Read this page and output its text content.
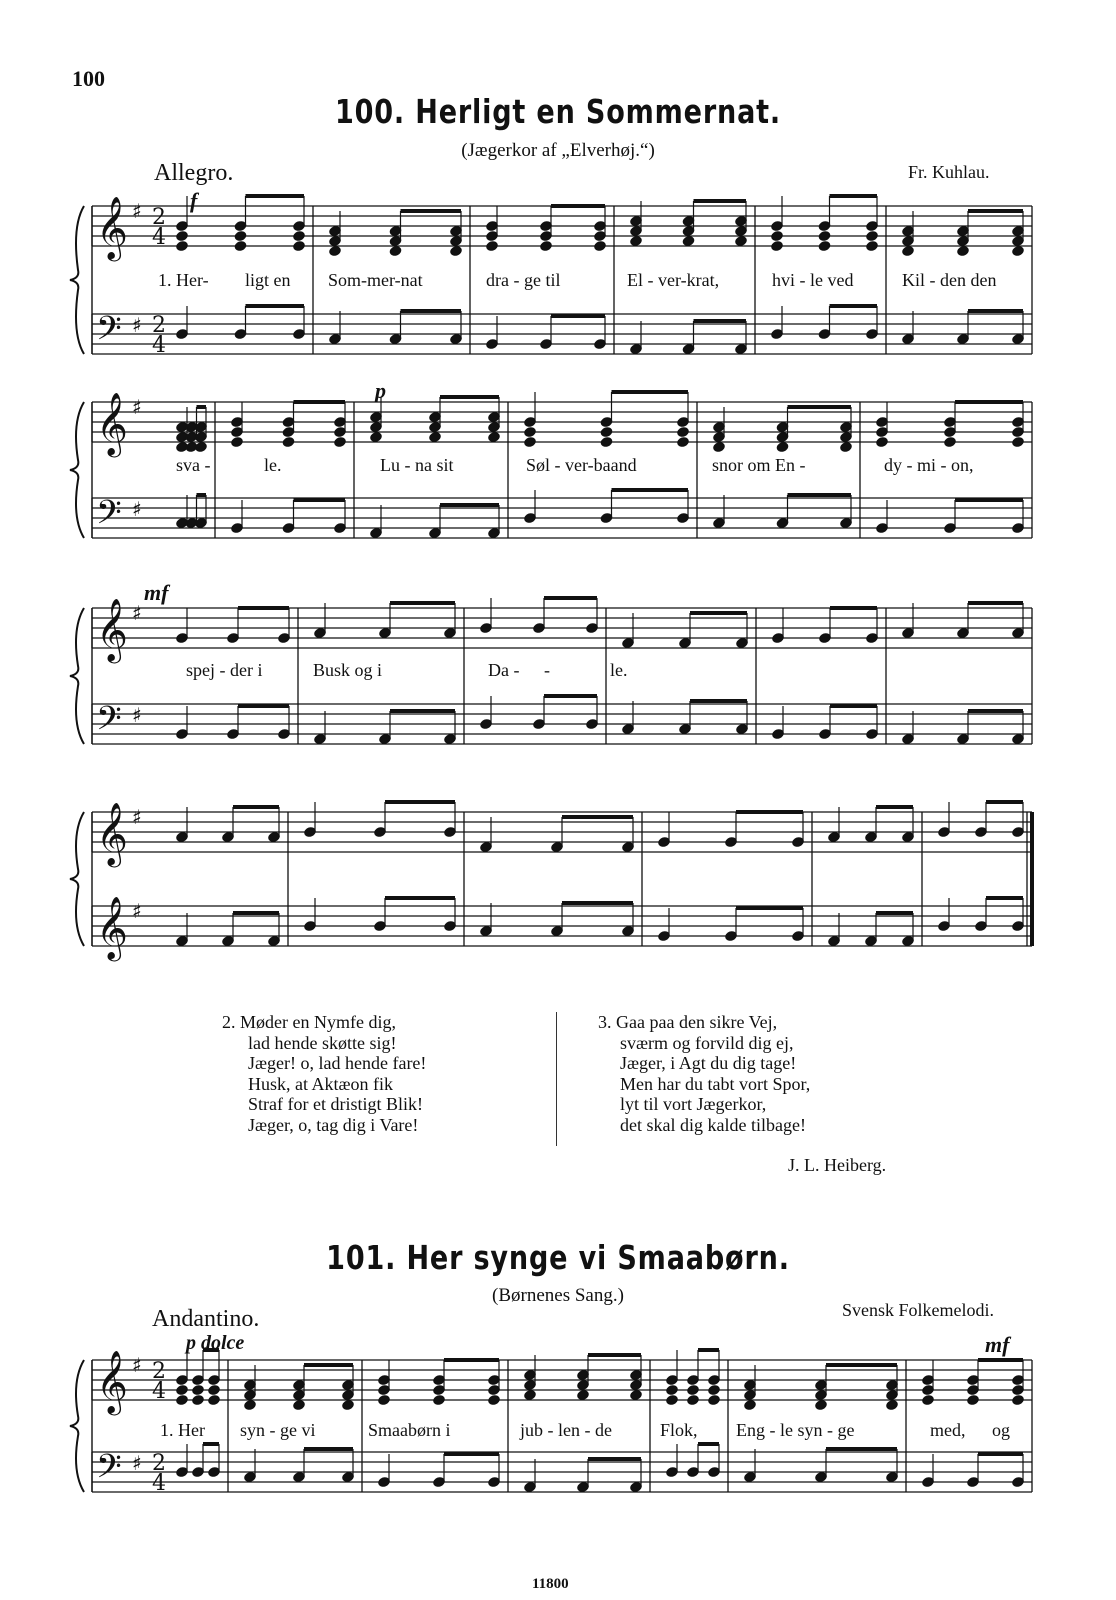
100
100. Herligt en Sommernat.
(Jægerkor af „Elverhøj.“)
Allegro.	Fr. Kuhlau.
f
p
mf
1. Her- ligt en Som-mer-nat	dra - ge til	El - ver-krat,	hvi - le ved	Kil - den den
sva -	le.	Lu - na sit	Søl - ver-baand	snor om En -	dy - mi - on,
spej - der i	Busk og i	Da - -	le.
2. Møder en Nymfe dig,
lad hende skøtte sig!
Jæger! o, lad hende fare!
Husk, at Aktæon fik
Straf for et dristigt Blik!
Jæger, o, tag dig i Vare!
3. Gaa paa den sikre Vej,
sværm og forvild dig ej,
Jæger, i Agt du dig tage!
Men har du tabt vort Spor,
lyt til vort Jægerkor,
det skal dig kalde tilbage!
J. L. Heiberg.
101. Her synge vi Smaabørn.
(Børnenes Sang.)
Andantino.	Svensk Folkemelodi.
p dolce	mf
1. Her syn - ge vi	Smaabørn i	jub - len - de	Flok, Eng - le syn - ge	med, og
11800
𝄞
𝄢
♯
♯
2
2
4
4
𝄞
𝄢
♯
♯
𝄞
𝄢
♯
♯
𝄞
𝄞
♯
♯
𝄞
𝄢
♯
♯
2
2
4
4
